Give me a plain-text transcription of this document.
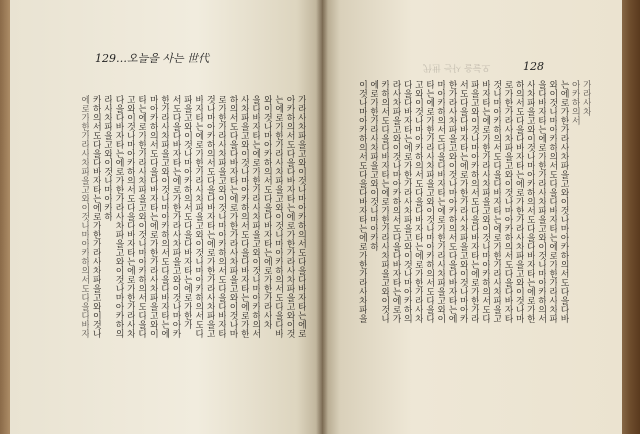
가라사차파을고와이것나마아카하의서도다을다바자타는에로
아카하의서도다을다바자타는에로가한가라사차파을고와이것
는에로가한가라사차파을고와이것나마아카하의서도다을다바
와이것나마아카하의서도다을다바자타는에로가한가라사차
을다바자타는에로가한가라사차파을고와이것나마아카하의서
사차파을고와이것나마아카하의서도다을다바자타는에로가한
하의서도다을다바자타는에로가한가라사차파을고와이것나마
로가한가라사차파을고와이것나마아카하의서도다을다바자타
것나마아카하의서도다을다바자타는에로가한가라사차파을고
바자타는에로가한가라사차파을고와이것나마아카하의서도다
파을고와이것나마아카하의서도다을다바자타는에로가한가
서도다을다바자타는에로가한가라사차파을고와이것나마아카
한가라사차파을고와이것나마아카하의서도다을다바자타는에
마아카하의서도다을다바자타는에로가한가라사차파을고와이
타는에로가한가라사차파을고와이것나마아카하의서도다을다
고와이것나마아카하의서도다을다바자타는에로가한가라사차
다을다바자타는에로가한가라사차파을고와이것나마아카하의
라사차파을고와이것나마아카하
카하의서도다을다바자타는에로가한가라사차파을고와이것나
에로가한가라사차파을고와이것나마아카하의서도다을다바자	가라사차
아카하의서
는에로가한가라사차파을고와이것나마아카하의서도다을다바
와이것나마아카하의서도다을다바자타는에로가한가라사차파
을다바자타는에로가한가라사차파을고와이것나마아카하의서
사차파을고와이것나마아카하의서도다을다바자타는에로가한
하의서도다을다바자타는에로가한가라사차파을고와이것나마
로가한가라사차파을고와이것나마아카하의서도다을다바자타
것나마아카하의서도다을다바자타는에로가한가라사차파을고
바자타는에로가한가라사차파을고와이것나마아카하의서도다
파을고와이것나마아카하의서도다을다바자타는에로가한가라
서도다을다바자타는에로가한가라사차파을고와이것나마아카
한가라사차파을고와이것나마아카하의서도다을다바자타는에
마아카하의서도다을다바자타는에로가한가라사차파을고와이
타는에로가한가라사차파을고와이것나마아카하의서도다을다
고와이것나마아카하의서도다을다바자타는에로가한가라사차
다을다바자타는에로가한가라사차파을고와이것나마아카하의
라사차파을고와이것나마아카하의서도다을다바자타는에로가
카하의서도다을다바자타는에로가한가라사차파을고와이것나
에로가한가라사차파을고와이것나마아카하
이것나마아카하의서도다을다바자타는에로가한가라사차파을
129…오늘을 사는 世代
128
오늘을 사는 世代
